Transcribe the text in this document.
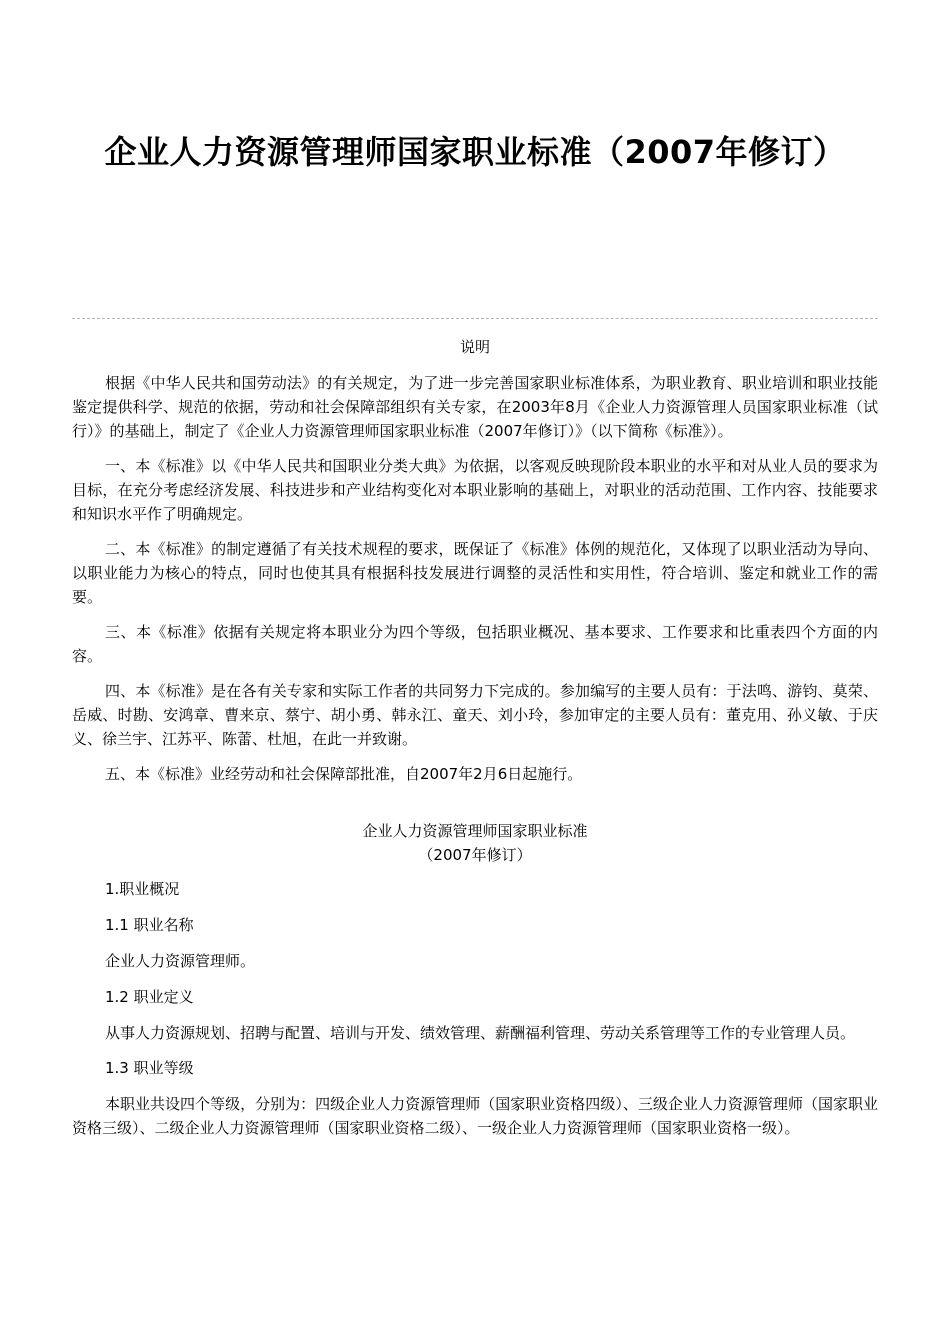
企业人力资源管理师国家职业标准（2007年修订）
说明

根据《中华人民共和国劳动法》的有关规定，为了进一步完善国家职业标准体系，为职业教育、职业培训和职业技能鉴定提供科学、规范的依据，劳动和社会保障部组织有关专家，在2003年8月《企业人力资源管理人员国家职业标准（试行）》的基础上，制定了《企业人力资源管理师国家职业标准（2007年修订）》（以下简称《标准》）。

一、本《标准》以《中华人民共和国职业分类大典》为依据，以客观反映现阶段本职业的水平和对从业人员的要求为目标，在充分考虑经济发展、科技进步和产业结构变化对本职业影响的基础上，对职业的活动范围、工作内容、技能要求和知识水平作了明确规定。

二、本《标准》的制定遵循了有关技术规程的要求，既保证了《标准》体例的规范化，又体现了以职业活动为导向、以职业能力为核心的特点，同时也使其具有根据科技发展进行调整的灵活性和实用性，符合培训、鉴定和就业工作的需要。

三、本《标准》依据有关规定将本职业分为四个等级，包括职业概况、基本要求、工作要求和比重表四个方面的内容。

四、本《标准》是在各有关专家和实际工作者的共同努力下完成的。参加编写的主要人员有：于法鸣、游钧、莫荣、岳威、时勘、安鸿章、曹来京、蔡宁、胡小勇、韩永江、童天、刘小玲，参加审定的主要人员有：董克用、孙义敏、于庆义、徐兰宇、江苏平、陈蕾、杜旭，在此一并致谢。

五、本《标准》业经劳动和社会保障部批准，自2007年2月6日起施行。

企业人力资源管理师国家职业标准
（2007年修订）

1.职业概况

1.1 职业名称

企业人力资源管理师。

1.2 职业定义

从事人力资源规划、招聘与配置、培训与开发、绩效管理、薪酬福利管理、劳动关系管理等工作的专业管理人员。

1.3 职业等级

本职业共设四个等级，分别为：四级企业人力资源管理师（国家职业资格四级）、三级企业人力资源管理师（国家职业资格三级）、二级企业人力资源管理师（国家职业资格二级）、一级企业人力资源管理师（国家职业资格一级）。
